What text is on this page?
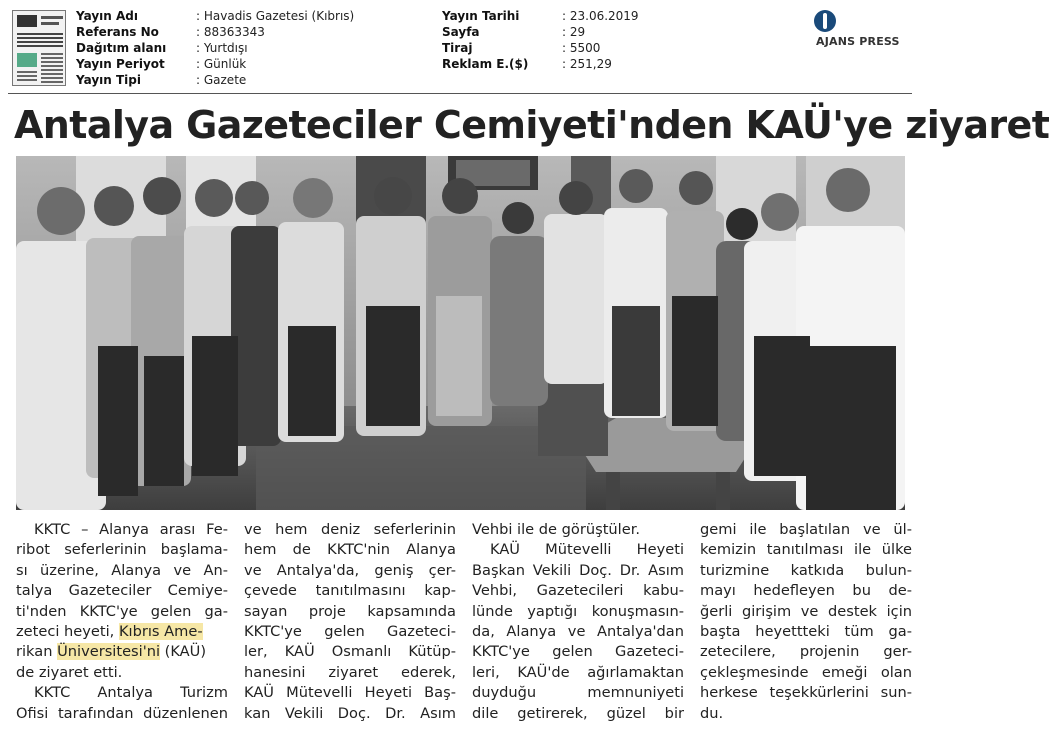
Yayın Adı	: Havadis Gazetesi (Kıbrıs)
Referans No	: 88363343
Dağıtım alanı	: Yurtdışı
Yayın Periyot	: Günlük
Yayın Tipi	: Gazete
Yayın Tarihi	: 23.06.2019
Sayfa	: 29
Tiraj	: 5500
Reklam E.($)	: 251,29
AJANS PRESS
Antalya Gazeteciler Cemiyeti'nden KAÜ'ye ziyaret
KKTC – Alanya arası Fe-
ribot seferlerinin başlama-
sı üzerine, Alanya ve An-
talya Gazeteciler Cemiye-
ti'nden KKTC'ye gelen ga-
zeteci heyeti, Kıbrıs Ame-
rikan Üniversitesi'ni (KAÜ)
de ziyaret etti.
KKTC Antalya Turizm
Ofisi tarafından düzenlenen
ve hem deniz seferlerinin
hem de KKTC'nin Alanya
ve Antalya'da, geniş çer-
çevede tanıtılmasını kap-
sayan proje kapsamında
KKTC'ye gelen Gazeteci-
ler, KAÜ Osmanlı Kütüp-
hanesini ziyaret ederek,
KAÜ Mütevelli Heyeti Baş-
kan Vekili Doç. Dr. Asım
Vehbi ile de görüştüler.
KAÜ Mütevelli Heyeti
Başkan Vekili Doç. Dr. Asım
Vehbi, Gazetecileri kabu-
lünde yaptığı konuşmasın-
da, Alanya ve Antalya'dan
KKTC'ye gelen Gazeteci-
leri, KAÜ'de ağırlamaktan
duyduğu memnuniyeti
dile getirerek, güzel bir
gemi ile başlatılan ve ül-
kemizin tanıtılması ile ülke
turizmine katkıda bulun-
mayı hedefleyen bu de-
ğerli girişim ve destek için
başta heyettteki tüm ga-
zetecilere, projenin ger-
çekleşmesinde emeği olan
herkese teşekkürlerini sun-
du.
